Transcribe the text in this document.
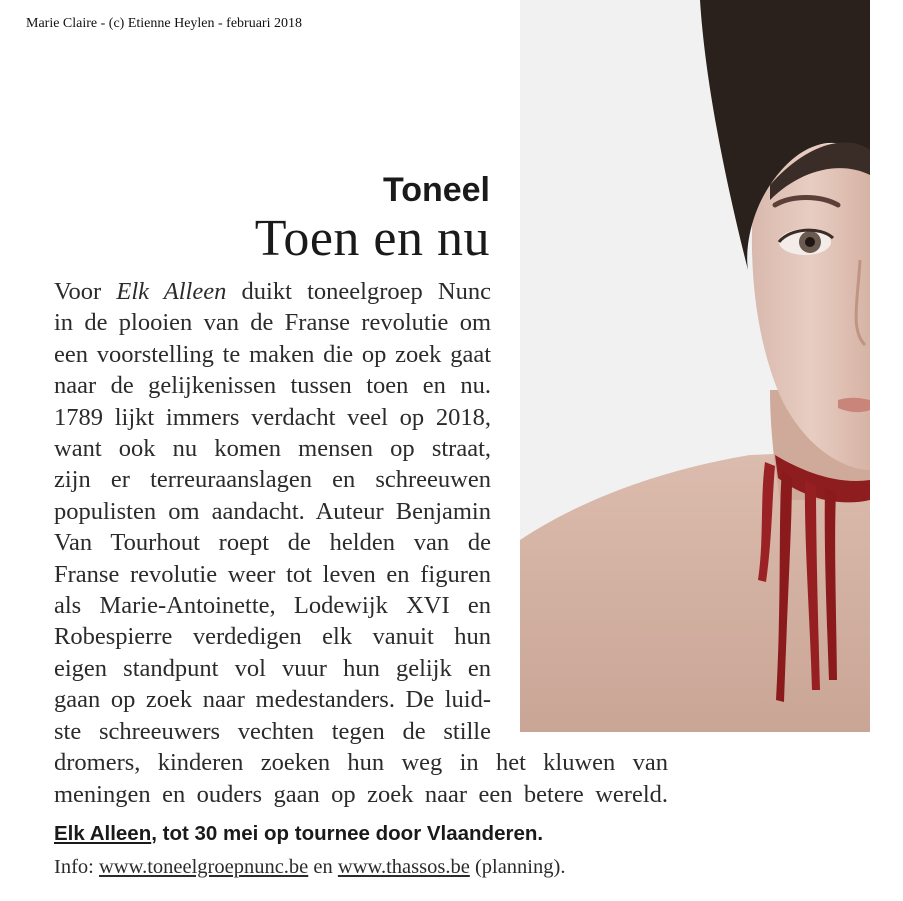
Marie Claire - (c) Etienne Heylen - februari 2018
Toneel
Toen en nu
Voor Elk Alleen duikt toneelgroep Nunc
in de plooien van de Franse revolutie om
een voorstelling te maken die op zoek gaat
naar de gelijkenissen tussen toen en nu.
1789 lijkt immers verdacht veel op 2018,
want ook nu komen mensen op straat,
zijn er terreuraanslagen en schreeuwen
populisten om aandacht. Auteur Benjamin
Van Tourhout roept de helden van de
Franse revolutie weer tot leven en figuren
als Marie-Antoinette, Lodewijk XVI en
Robespierre verdedigen elk vanuit hun
eigen standpunt vol vuur hun gelijk en
gaan op zoek naar medestanders. De luid-
ste schreeuwers vechten tegen de stille
dromers, kinderen zoeken hun weg in het kluwen van
meningen en ouders gaan op zoek naar een betere wereld.
Elk Alleen, tot 30 mei op tournee door Vlaanderen.
Info: www.toneelgroepnunc.be en www.thassos.be (planning).
